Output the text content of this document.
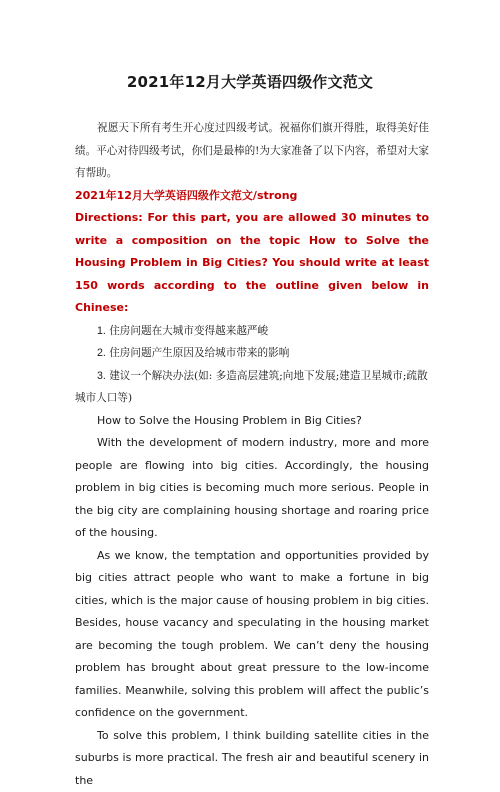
2021年12月大学英语四级作文范文

祝愿天下所有考生开心度过四级考试。祝福你们旗开得胜，取得美好佳绩。平心对待四级考试，你们是最棒的!为大家准备了以下内容，希望对大家有帮助。

2021年12月大学英语四级作文范文/strong

Directions: For this part, you are allowed 30 minutes to write a composition on the topic How to Solve the Housing Problem in Big Cities? You should write at least 150 words according to the outline given below in Chinese:

1. 住房问题在大城市变得越来越严峻

2. 住房问题产生原因及给城市带来的影响

3. 建议一个解决办法(如: 多造高层建筑;向地下发展;建造卫星城市;疏散城市人口等)

How to Solve the Housing Problem in Big Cities?

With the development of modern industry, more and more people are flowing into big cities. Accordingly, the housing problem in big cities is becoming much more serious. People in the big city are complaining housing shortage and roaring price of the housing.

As we know, the temptation and opportunities provided by big cities attract people who want to make a fortune in big cities, which is the major cause of housing problem in big cities. Besides, house vacancy and speculating in the housing market are becoming the tough problem. We can’t deny the housing problem has brought about great pressure to the low-income families. Meanwhile, solving this problem will affect the public’s confidence on the government.

To solve this problem, I think building satellite cities in the suburbs is more practical. The fresh air and beautiful scenery in the
